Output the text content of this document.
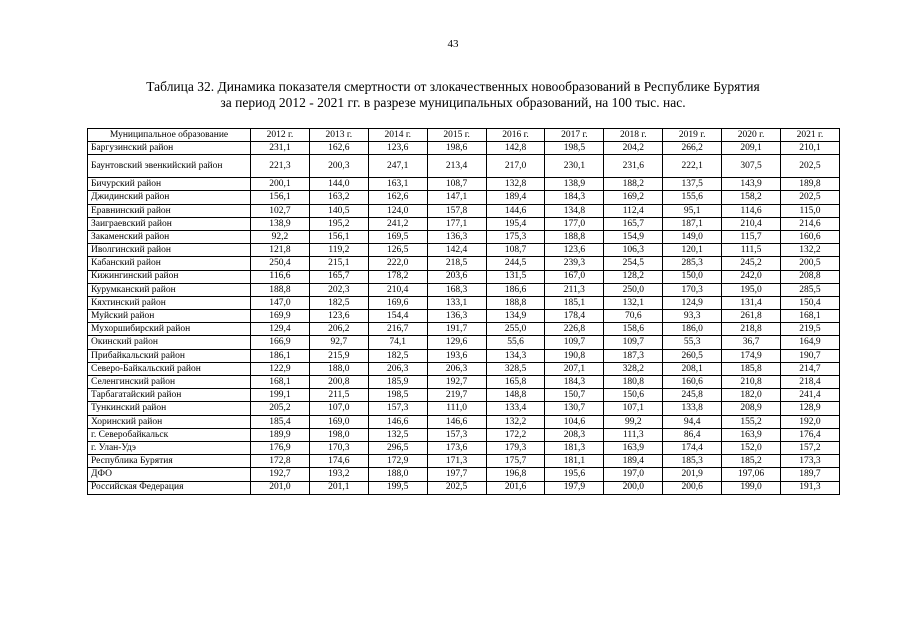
43
Таблица 32. Динамика показателя смертности от злокачественных новообразований в Республике Бурятия
за период 2012 - 2021 гг. в разрезе муниципальных образований, на 100 тыс. нас.
Муниципальное образование	2012 г.	2013 г.	2014 г.	2015 г.	2016 г.	2017 г.	2018 г.	2019 г.	2020 г.	2021 г.
Баргузинский район	231,1	162,6	123,6	198,6	142,8	198,5	204,2	266,2	209,1	210,1
Баунтовский эвенкийский район	221,3	200,3	247,1	213,4	217,0	230,1	231,6	222,1	307,5	202,5
Бичурский район	200,1	144,0	163,1	108,7	132,8	138,9	188,2	137,5	143,9	189,8
Джидинский район	156,1	163,2	162,6	147,1	189,4	184,3	169,2	155,6	158,2	202,5
Еравнинский район	102,7	140,5	124,0	157,8	144,6	134,8	112,4	95,1	114,6	115,0
Заиграевский район	138,9	195,2	241,2	177,1	195,4	177,0	165,7	187,1	210,4	214,6
Закаменский район	92,2	156,1	169,5	136,3	175,3	188,8	154,9	149,0	115,7	160,6
Иволгинский район	121,8	119,2	126,5	142,4	108,7	123,6	106,3	120,1	111,5	132,2
Кабанский район	250,4	215,1	222,0	218,5	244,5	239,3	254,5	285,3	245,2	200,5
Кижингинский район	116,6	165,7	178,2	203,6	131,5	167,0	128,2	150,0	242,0	208,8
Курумканский район	188,8	202,3	210,4	168,3	186,6	211,3	250,0	170,3	195,0	285,5
Кяхтинский район	147,0	182,5	169,6	133,1	188,8	185,1	132,1	124,9	131,4	150,4
Муйский район	169,9	123,6	154,4	136,3	134,9	178,4	70,6	93,3	261,8	168,1
Мухоршибирский район	129,4	206,2	216,7	191,7	255,0	226,8	158,6	186,0	218,8	219,5
Окинский район	166,9	92,7	74,1	129,6	55,6	109,7	109,7	55,3	36,7	164,9
Прибайкальский район	186,1	215,9	182,5	193,6	134,3	190,8	187,3	260,5	174,9	190,7
Северо-Байкальский район	122,9	188,0	206,3	206,3	328,5	207,1	328,2	208,1	185,8	214,7
Селенгинский район	168,1	200,8	185,9	192,7	165,8	184,3	180,8	160,6	210,8	218,4
Тарбагатайский район	199,1	211,5	198,5	219,7	148,8	150,7	150,6	245,8	182,0	241,4
Тункинский район	205,2	107,0	157,3	111,0	133,4	130,7	107,1	133,8	208,9	128,9
Хоринский район	185,4	169,0	146,6	146,6	132,2	104,6	99,2	94,4	155,2	192,0
г. Северобайкальск	189,9	198,0	132,5	157,3	172,2	208,3	111,3	86,4	163,9	176,4
г. Улан-Удэ	176,9	170,3	296,5	173,6	179,3	181,3	163,9	174,4	152,0	157,2
Республика Бурятия	172,8	174,6	172,9	171,3	175,7	181,1	189,4	185,3	185,2	173,3
ДФО	192,7	193,2	188,0	197,7	196,8	195,6	197,0	201,9	197,06	189,7
Российская Федерация	201,0	201,1	199,5	202,5	201,6	197,9	200,0	200,6	199,0	191,3
